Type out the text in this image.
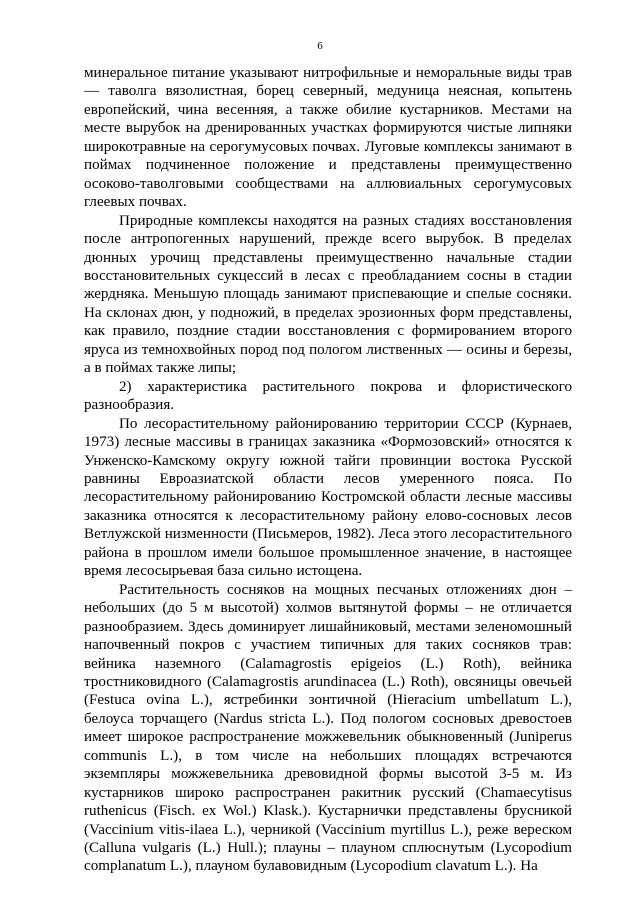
6

минеральное питание указывают нитрофильные и неморальные виды трав — таволга вязолистная, борец северный, медуница неясная, копытень европейский, чина весенняя, а также обилие кустарников. Местами на месте вырубок на дренированных участках формируются чистые липняки широкотравные на серогумусовых почвах. Луговые комплексы занимают в поймах подчиненное положение и представлены преимущественно осоково-таволговыми сообществами на аллювиальных серогумусовых глеевых почвах.

Природные комплексы находятся на разных стадиях восстановления после антропогенных нарушений, прежде всего вырубок. В пределах дюнных урочищ представлены преимущественно начальные стадии восстановительных сукцессий в лесах с преобладанием сосны в стадии жердняка. Меньшую площадь занимают приспевающие и спелые сосняки. На склонах дюн, у подножий, в пределах эрозионных форм представлены, как правило, поздние стадии восстановления с формированием второго яруса из темнохвойных пород под пологом лиственных — осины и березы, а в поймах также липы;

2) характеристика растительного покрова и флористического разнообразия.

По лесорастительному районированию территории СССР (Курнаев, 1973) лесные массивы в границах заказника «Формозовский» относятся к Унженско-Камскому округу южной тайги провинции востока Русской равнины Евроазиатской области лесов умеренного пояса. По лесорастительному районированию Костромской области лесные массивы заказника относятся к лесорастительному району елово-сосновых лесов Ветлужской низменности (Письмеров, 1982). Леса этого лесорастительного района в прошлом имели большое промышленное значение, в настоящее время лесосырьевая база сильно истощена.

Растительность сосняков на мощных песчаных отложениях дюн – небольших (до 5 м высотой) холмов вытянутой формы – не отличается разнообразием. Здесь доминирует лишайниковый, местами зеленомошный напочвенный покров с участием типичных для таких сосняков трав: вейника наземного (Calamagrostis epigeios (L.) Roth), вейника тростниковидного (Calamagrostis arundinacea (L.) Roth), овсяницы овечьей (Festuca ovina L.), ястребинки зонтичной (Hieracium umbellatum L.), белоуса торчащего (Nardus stricta L.). Под пологом сосновых древостоев имеет широкое распространение можжевельник обыкновенный (Juniperus communis L.), в том числе на небольших площадях встречаются экземпляры можжевельника древовидной формы высотой 3-5 м. Из кустарников широко распространен ракитник русский (Chamaecytisus ruthenicus (Fisch. ex Wol.) Klask.). Кустарнички представлены брусникой (Vaccinium vitis-ilaea L.), черникой (Vaccinium myrtillus L.), реже вереском (Calluna vulgaris (L.) Hull.); плауны – плауном сплюснутым (Lycopodium complanatum L.), плауном булавовидным (Lycopodium clavatum L.). На
